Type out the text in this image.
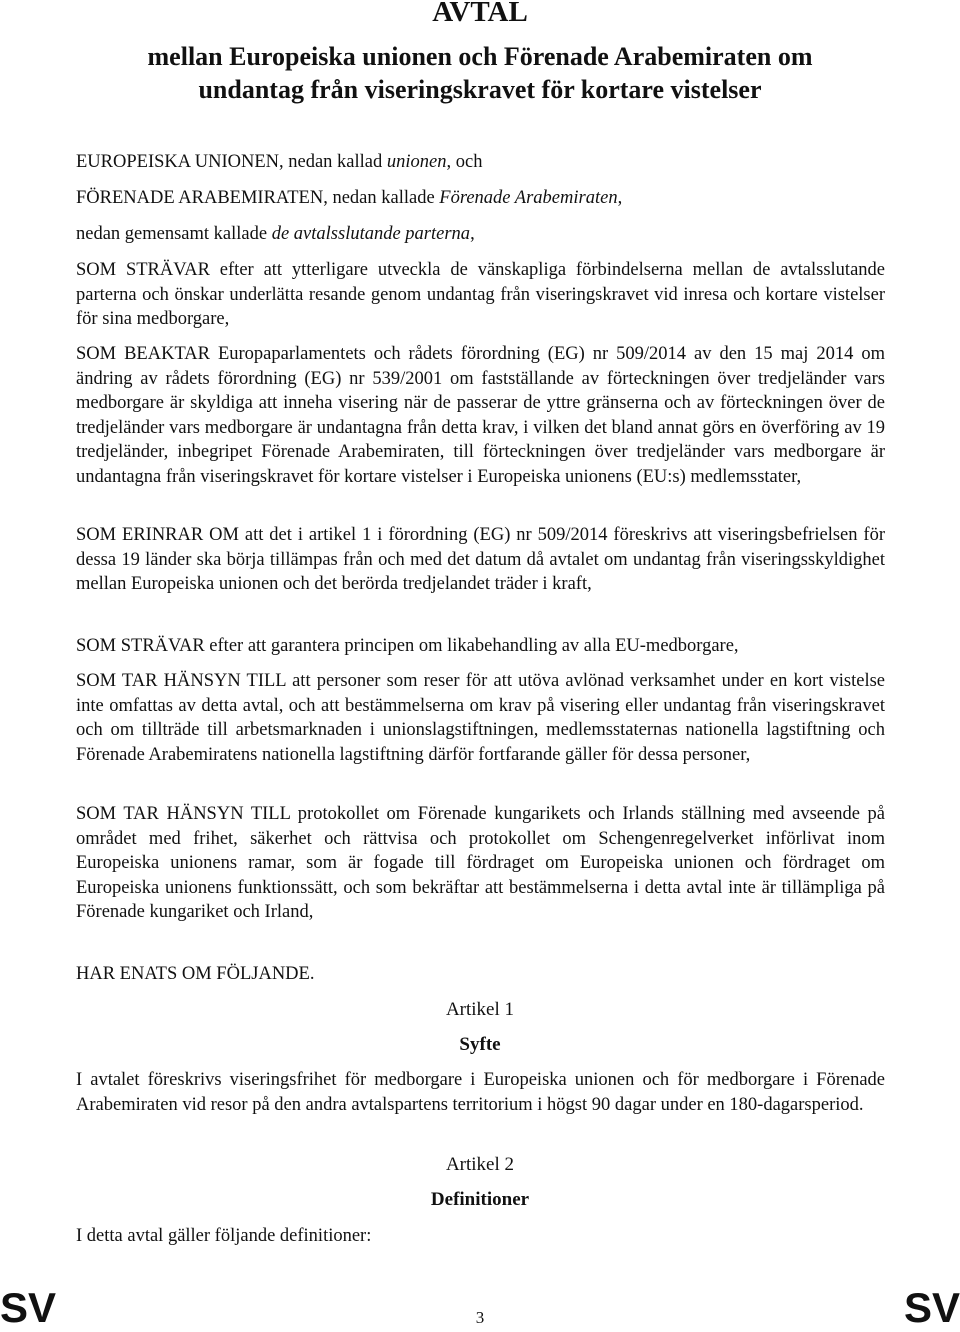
AVTAL
mellan Europeiska unionen och Förenade Arabemiraten om
undantag från viseringskravet för kortare vistelser

EUROPEISKA UNIONEN, nedan kallad unionen, och

FÖRENADE ARABEMIRATEN, nedan kallade Förenade Arabemiraten,

nedan gemensamt kallade de avtalsslutande parterna,

SOM STRÄVAR efter att ytterligare utveckla de vänskapliga förbindelserna mellan de avtalsslutande parterna och önskar underlätta resande genom undantag från viseringskravet vid inresa och kortare vistelser för sina medborgare,

SOM BEAKTAR Europaparlamentets och rådets förordning (EG) nr 509/2014 av den 15 maj 2014 om ändring av rådets förordning (EG) nr 539/2001 om fastställande av förteckningen över tredjeländer vars medborgare är skyldiga att inneha visering när de passerar de yttre gränserna och av förteckningen över de tredjeländer vars medborgare är undantagna från detta krav, i vilken det bland annat görs en överföring av 19 tredjeländer, inbegripet Förenade Arabemiraten, till förteckningen över tredjeländer vars medborgare är undantagna från viseringskravet för kortare vistelser i Europeiska unionens (EU:s) medlemsstater,

SOM ERINRAR OM att det i artikel 1 i förordning (EG) nr 509/2014 föreskrivs att viseringsbefrielsen för dessa 19 länder ska börja tillämpas från och med det datum då avtalet om undantag från viseringsskyldighet mellan Europeiska unionen och det berörda tredjelandet träder i kraft,

SOM STRÄVAR efter att garantera principen om likabehandling av alla EU-medborgare,

SOM TAR HÄNSYN TILL att personer som reser för att utöva avlönad verksamhet under en kort vistelse inte omfattas av detta avtal, och att bestämmelserna om krav på visering eller undantag från viseringskravet och om tillträde till arbetsmarknaden i unionslagstiftningen, medlemsstaternas nationella lagstiftning och Förenade Arabemiratens nationella lagstiftning därför fortfarande gäller för dessa personer,

SOM TAR HÄNSYN TILL protokollet om Förenade kungarikets och Irlands ställning med avseende på området med frihet, säkerhet och rättvisa och protokollet om Schengenregelverket införlivat inom Europeiska unionens ramar, som är fogade till fördraget om Europeiska unionen och fördraget om Europeiska unionens funktionssätt, och som bekräftar att bestämmelserna i detta avtal inte är tillämpliga på Förenade kungariket och Irland,

HAR ENATS OM FÖLJANDE.

Artikel 1

Syfte

I avtalet föreskrivs viseringsfrihet för medborgare i Europeiska unionen och för medborgare i Förenade Arabemiraten vid resor på den andra avtalspartens territorium i högst 90 dagar under en 180-dagarsperiod.

Artikel 2

Definitioner

I detta avtal gäller följande definitioner:

SV	3	SV
